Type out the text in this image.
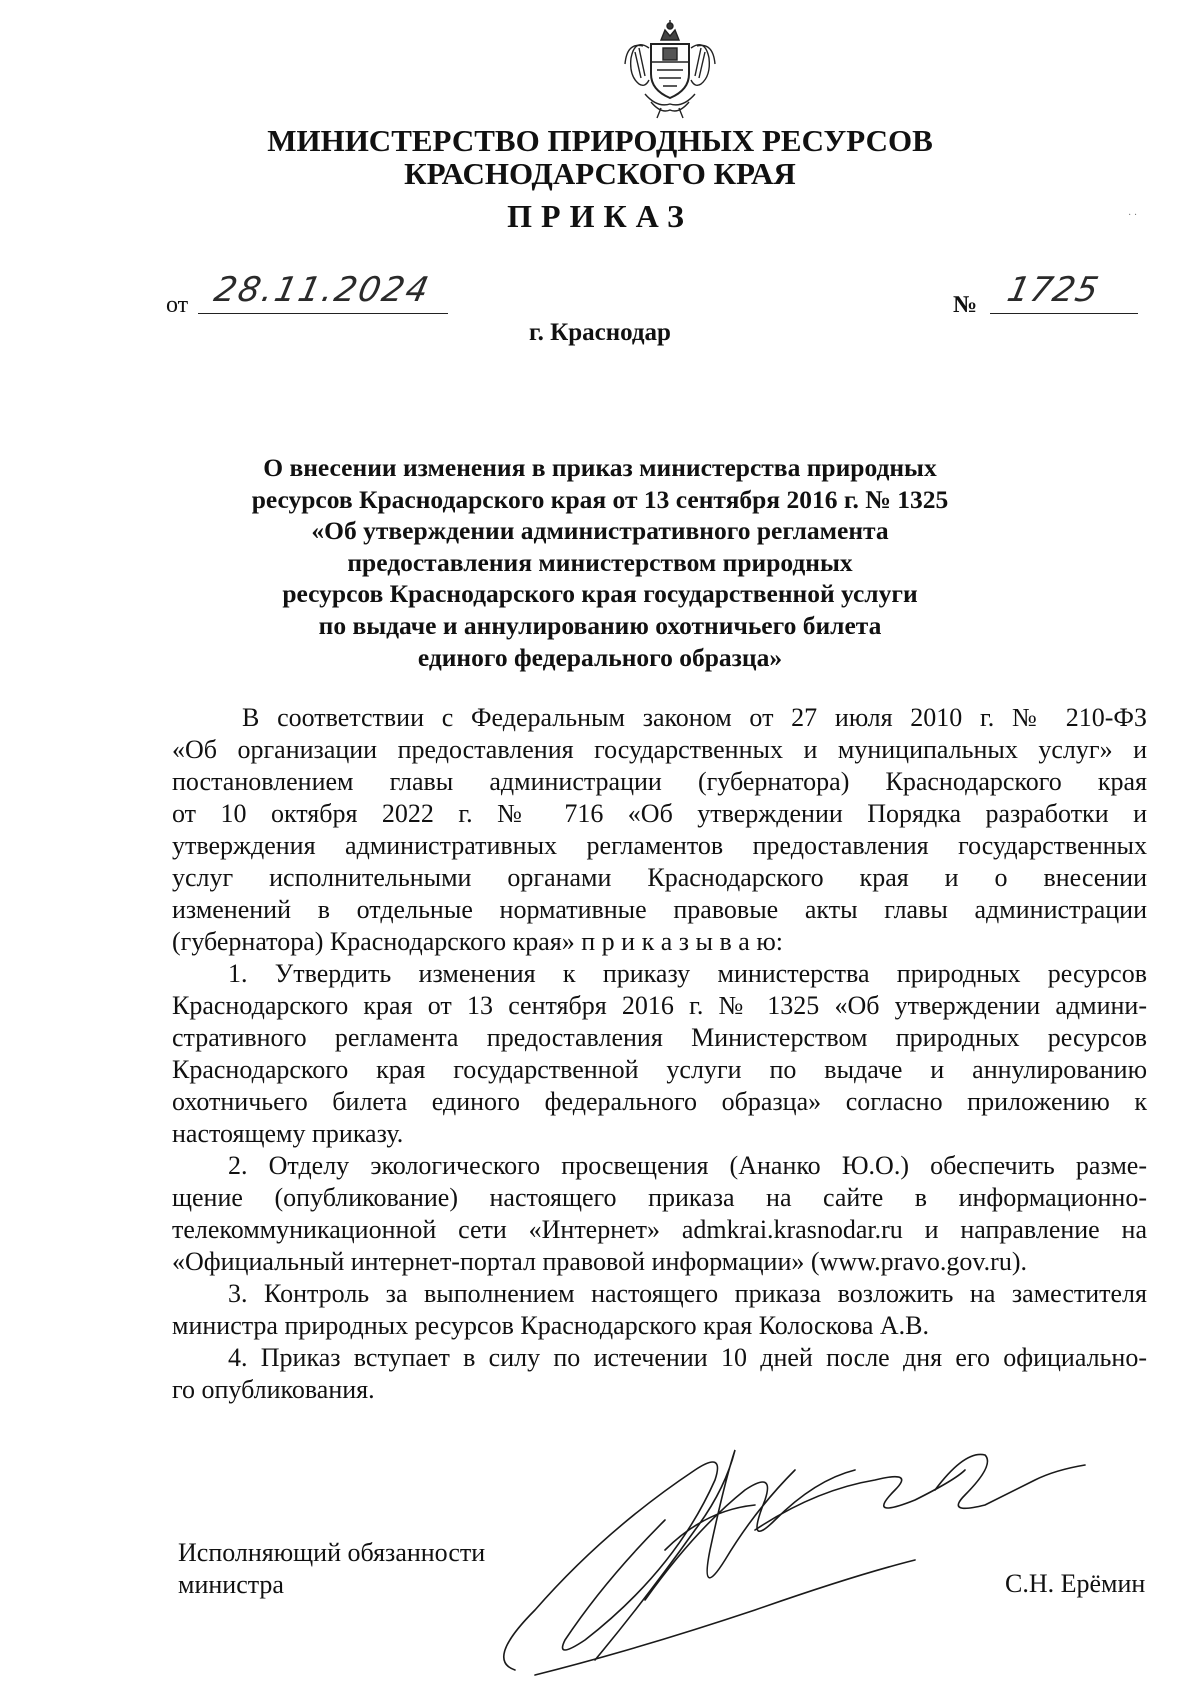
МИНИСТЕРСТВО ПРИРОДНЫХ РЕСУРСОВ
КРАСНОДАРСКОГО КРАЯ
ПРИКАЗ	· ·
от 28.11.2024	№ 1725
г. Краснодар
О внесении изменения в приказ министерства природных
ресурсов Краснодарского края от 13 сентября 2016 г. № 1325
«Об утверждении административного регламента
предоставления министерством природных
ресурсов Краснодарского края государственной услуги
по выдаче и аннулированию охотничьего билета
единого федерального образца»
В соответствии с Федеральным законом от 27 июля 2010 г. № 210-ФЗ
«Об организации предоставления государственных и муниципальных услуг» и
постановлением главы администрации (губернатора) Краснодарского края
от 10 октября 2022 г. № 716 «Об утверждении Порядка разработки и
утверждения административных регламентов предоставления государственных
услуг исполнительными органами Краснодарского края и о внесении
изменений в отдельные нормативные правовые акты главы администрации
(губернатора) Краснодарского края» п р и к а з ы в а ю:
1. Утвердить изменения к приказу министерства природных ресурсов
Краснодарского края от 13 сентября 2016 г. № 1325 «Об утверждении админи-
стративного регламента предоставления Министерством природных ресурсов
Краснодарского края государственной услуги по выдаче и аннулированию
охотничьего билета единого федерального образца» согласно приложению к
настоящему приказу.
2. Отделу экологического просвещения (Ананко Ю.О.) обеспечить разме-
щение (опубликование) настоящего приказа на сайте в информационно-
телекоммуникационной сети «Интернет» admkrai.krasnodar.ru и направление на
«Официальный интернет-портал правовой информации» (www.pravo.gov.ru).
3. Контроль за выполнением настоящего приказа возложить на заместителя
министра природных ресурсов Краснодарского края Колоскова А.В.
4. Приказ вступает в силу по истечении 10 дней после дня его официально-
го опубликования.
Исполняющий обязанности
министра	С.Н. Ерёмин
